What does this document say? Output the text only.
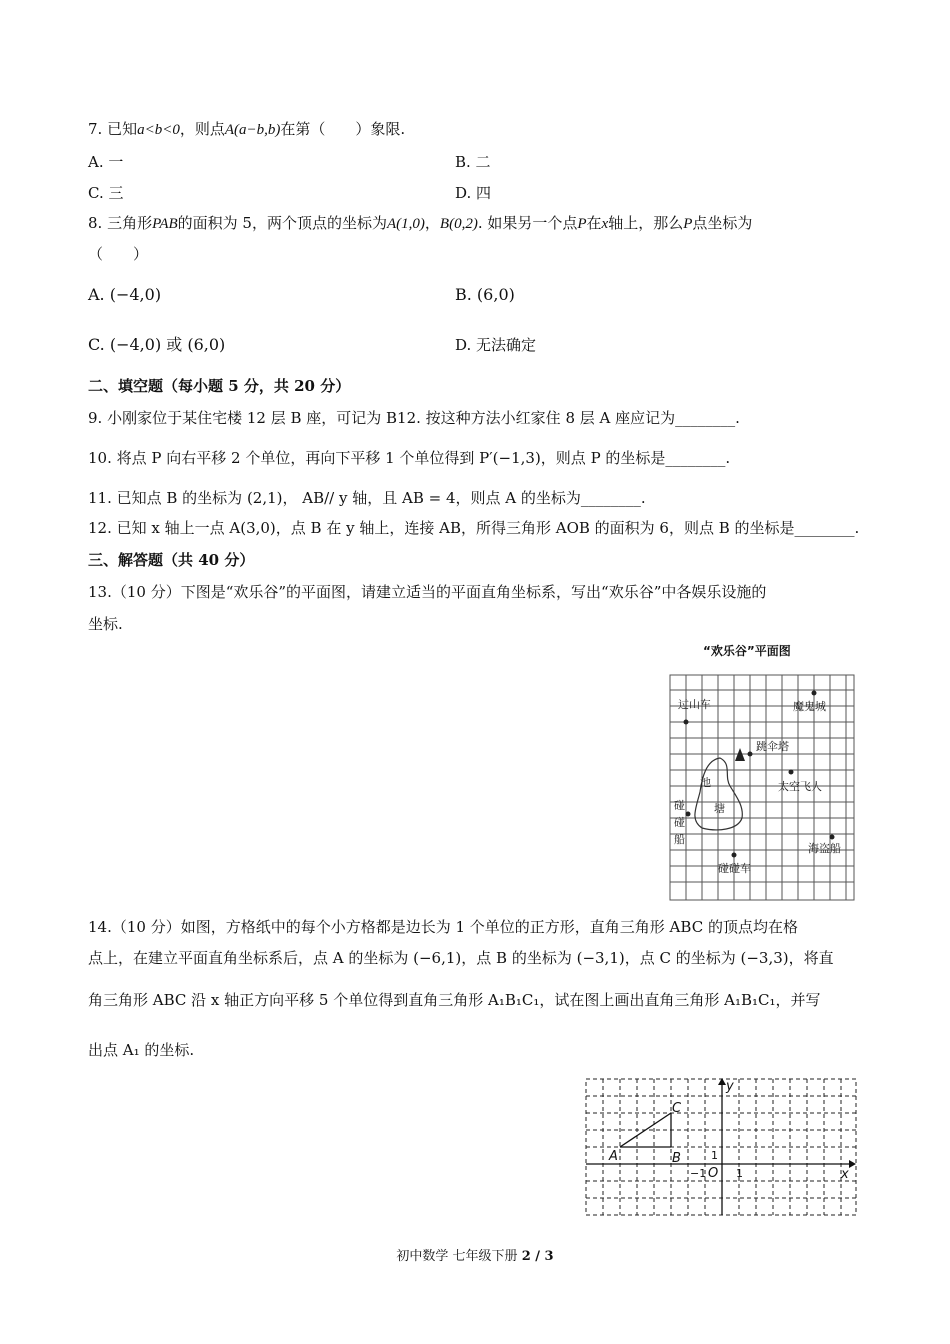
7. 已知a<b<0，则点A(a−b,b)在第（　　）象限.
A. 一	B. 二
C. 三	D. 四
8. 三角形PAB的面积为 5，两个顶点的坐标为A(1,0)，B(0,2). 如果另一个点P在x轴上，那么P点坐标为
（　　）
A. (−4,0)	B. (6,0)
C. (−4,0) 或 (6,0)	D. 无法确定
二、填空题（每小题 5 分，共 20 分）
9. 小刚家位于某住宅楼 12 层 B 座，可记为 B12. 按这种方法小红家住 8 层 A 座应记为________.
10. 将点 P 向右平移 2 个单位，再向下平移 1 个单位得到 P′(−1,3)，则点 P 的坐标是________.
11. 已知点 B 的坐标为 (2,1)， AB// y 轴，且 AB = 4，则点 A 的坐标为________.
12. 已知 x 轴上一点 A(3,0)，点 B 在 y 轴上，连接 AB，所得三角形 AOB 的面积为 6，则点 B 的坐标是________.
三、解答题（共 40 分）
13.（10 分）下图是“欢乐谷”的平面图，请建立适当的平面直角坐标系，写出“欢乐谷”中各娱乐设施的
坐标.
“欢乐谷”平面图
过山车	魔鬼城
跳伞塔
太空飞人
池
塘
碰
碰
船
碰碰车
海盗船
14.（10 分）如图，方格纸中的每个小方格都是边长为 1 个单位的正方形，直角三角形 ABC 的顶点均在格
点上，在建立平面直角坐标系后，点 A 的坐标为 (−6,1)，点 B 的坐标为 (−3,1)，点 C 的坐标为 (−3,3)，将直
角三角形 ABC 沿 x 轴正方向平移 5 个单位得到直角三角形 A₁B₁C₁，试在图上画出直角三角形 A₁B₁C₁，并写
出点 A₁ 的坐标.
y
x
A	B
C
O
1
1
−1
初中数学 七年级下册 2 / 3
